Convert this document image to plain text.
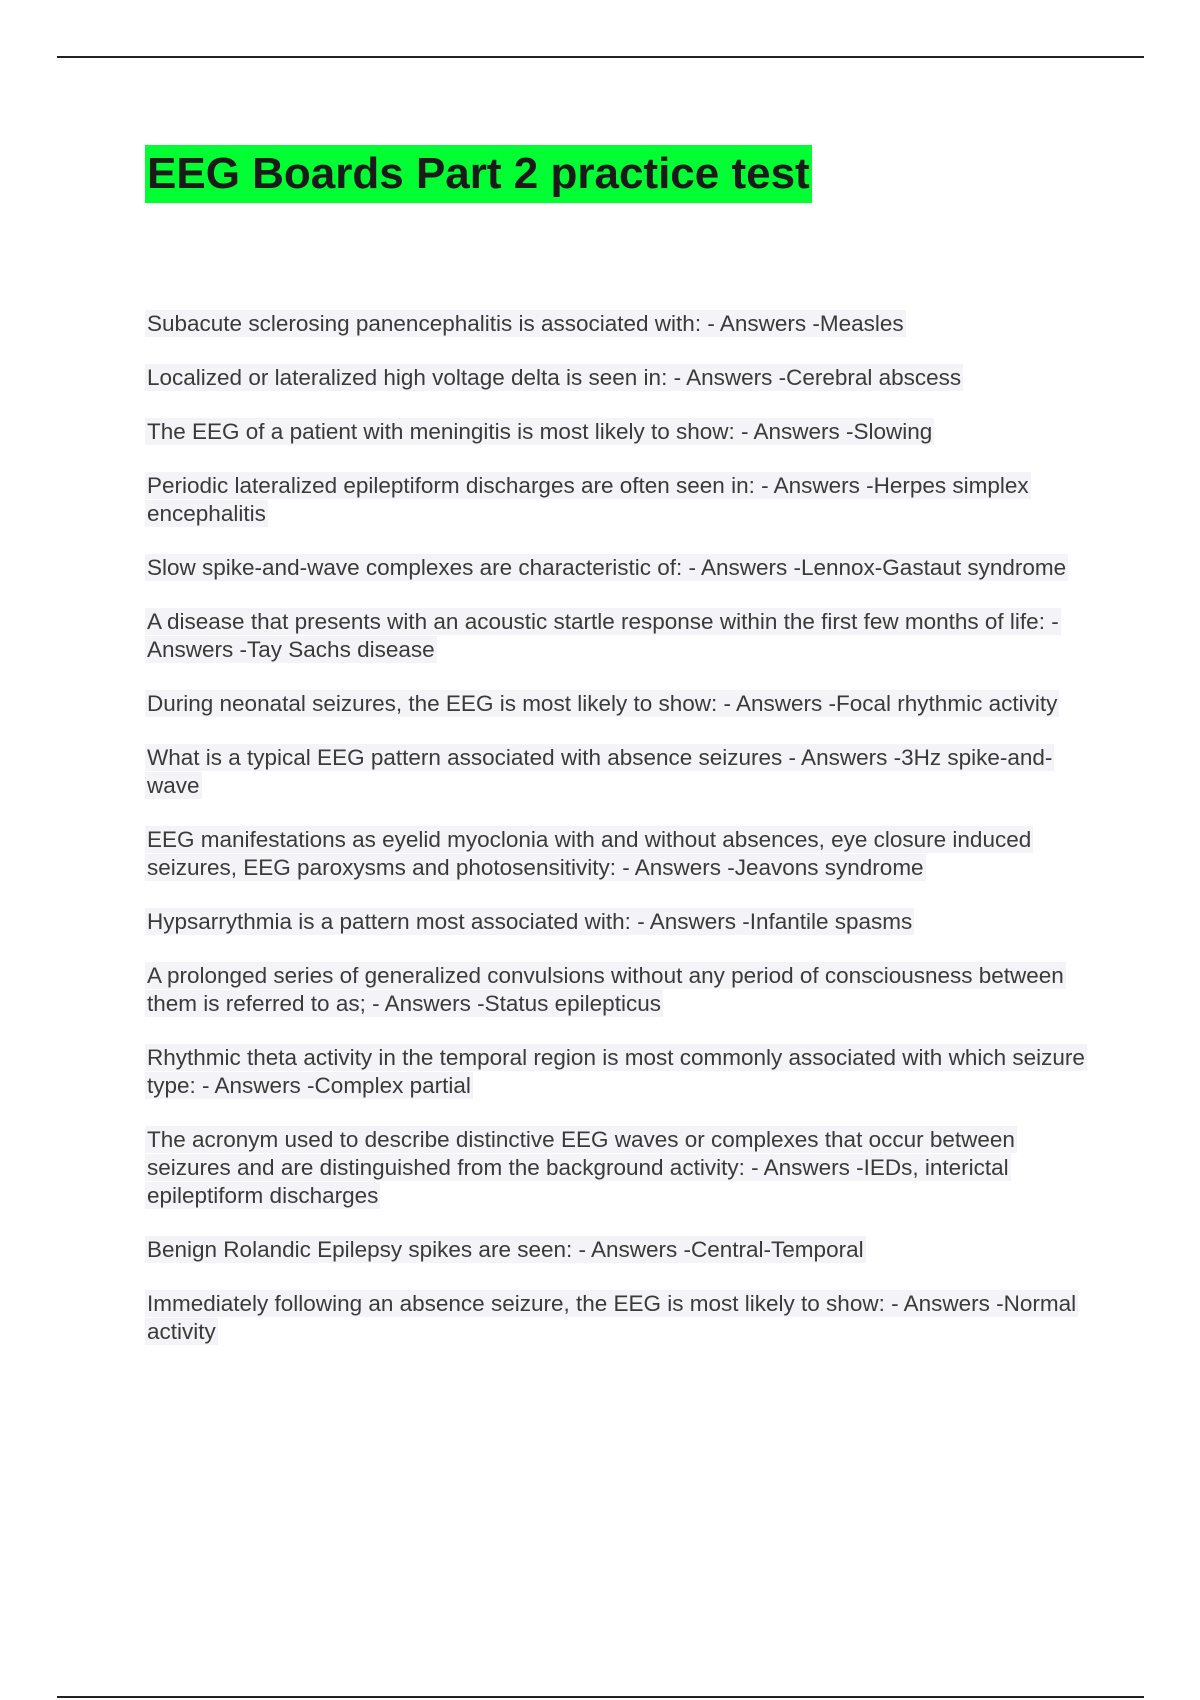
EEG Boards Part 2 practice test
Subacute sclerosing panencephalitis is associated with: - Answers -Measles
Localized or lateralized high voltage delta is seen in: - Answers -Cerebral abscess
The EEG of a patient with meningitis is most likely to show: - Answers -Slowing
Periodic lateralized epileptiform discharges are often seen in: - Answers -Herpes simplex encephalitis
Slow spike-and-wave complexes are characteristic of: - Answers -Lennox-Gastaut syndrome
A disease that presents with an acoustic startle response within the first few months of life: - Answers -Tay Sachs disease
During neonatal seizures, the EEG is most likely to show: - Answers -Focal rhythmic activity
What is a typical EEG pattern associated with absence seizures - Answers -3Hz spike-and-wave
EEG manifestations as eyelid myoclonia with and without absences, eye closure induced seizures, EEG paroxysms and photosensitivity: - Answers -Jeavons syndrome
Hypsarrythmia is a pattern most associated with: - Answers -Infantile spasms
A prolonged series of generalized convulsions without any period of consciousness between them is referred to as; - Answers -Status epilepticus
Rhythmic theta activity in the temporal region is most commonly associated with which seizure type: - Answers -Complex partial
The acronym used to describe distinctive EEG waves or complexes that occur between seizures and are distinguished from the background activity: - Answers -IEDs, interictal epileptiform discharges
Benign Rolandic Epilepsy spikes are seen: - Answers -Central-Temporal
Immediately following an absence seizure, the EEG is most likely to show: - Answers -Normal activity
